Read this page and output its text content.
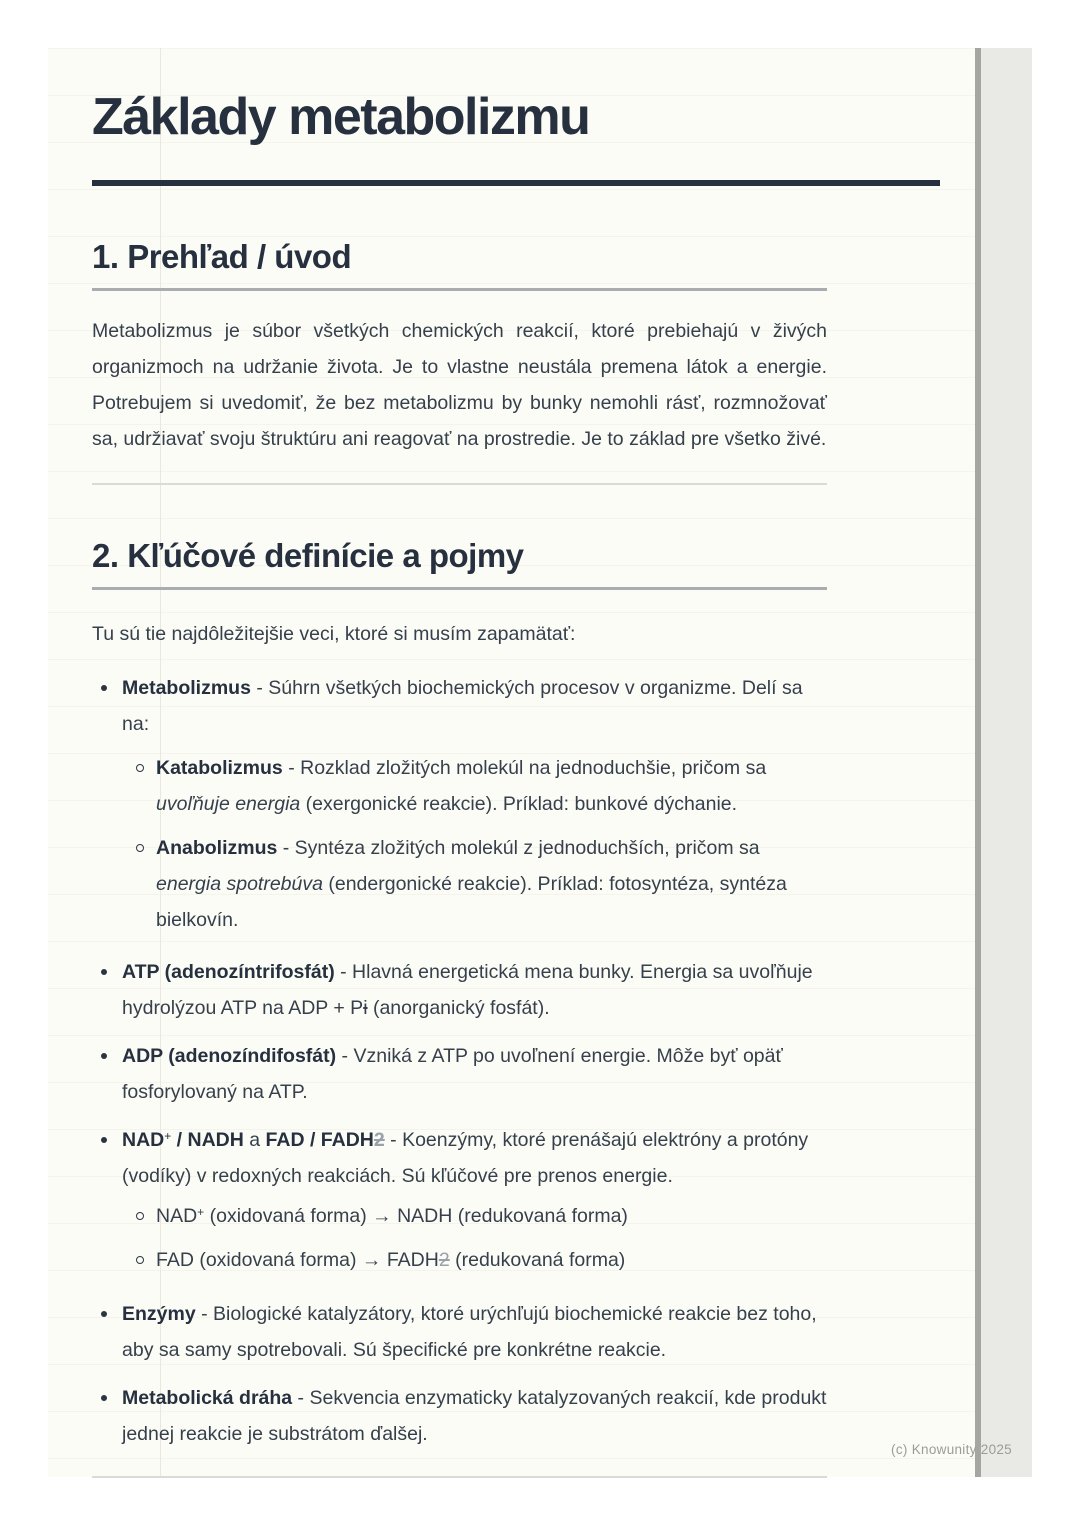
Základy metabolizmu
1. Prehľad / úvod

Metabolizmus je súbor všetkých chemických reakcií, ktoré prebiehajú v živých organizmoch na udržanie života. Je to vlastne neustála premena látok a energie. Potrebujem si uvedomiť, že bez metabolizmu by bunky nemohli rásť, rozmnožovať sa, udržiavať svoju štruktúru ani reagovať na prostredie. Je to základ pre všetko živé.

2. Kľúčové definície a pojmy

Tu sú tie najdôležitejšie veci, ktoré si musím zapamätať:

Metabolizmus - Súhrn všetkých biochemických procesov v organizme. Delí sa na:
Katabolizmus - Rozklad zložitých molekúl na jednoduchšie, pričom sa uvoľňuje energia (exergonické reakcie). Príklad: bunkové dýchanie.
Anabolizmus - Syntéza zložitých molekúl z jednoduchších, pričom sa energia spotrebúva (endergonické reakcie). Príklad: fotosyntéza, syntéza bielkovín.
ATP (adenozíntrifosfát) - Hlavná energetická mena bunky. Energia sa uvoľňuje hydrolýzou ATP na ADP + Pi (anorganický fosfát).
ADP (adenozíndifosfát) - Vzniká z ATP po uvoľnení energie. Môže byť opäť fosforylovaný na ATP.
NAD+ / NADH a FAD / FADH2 - Koenzýmy, ktoré prenášajú elektróny a protóny (vodíky) v redoxných reakciách. Sú kľúčové pre prenos energie.
NAD+ (oxidovaná forma) → NADH (redukovaná forma)
FAD (oxidovaná forma) → FADH2 (redukovaná forma)
Enzýmy - Biologické katalyzátory, ktoré urýchľujú biochemické reakcie bez toho, aby sa samy spotrebovali. Sú špecifické pre konkrétne reakcie.
Metabolická dráha - Sekvencia enzymaticky katalyzovaných reakcií, kde produkt jednej reakcie je substrátom ďalšej.
(c) Knowunity 2025
